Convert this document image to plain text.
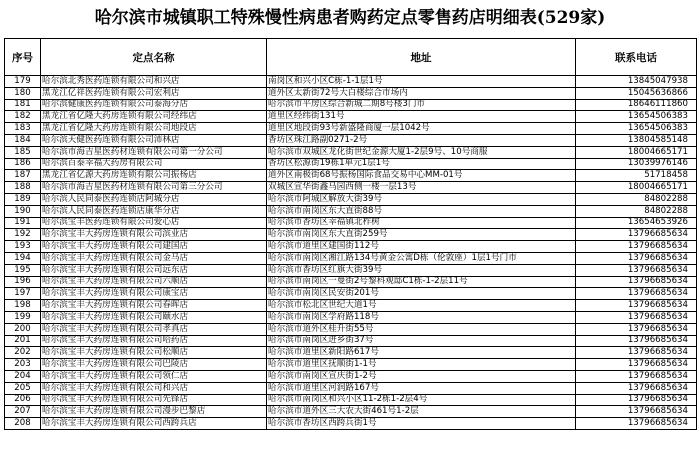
哈尔滨市城镇职工特殊慢性病患者购药定点零售药店明细表(529家)
序号	定点名称	地址	联系电话
179	哈尔滨北秀医药连锁有限公司和兴店	南岗区和兴小区C栋-1-1层1号	13845047938
180	黑龙江亿祥医药连锁有限公司宏利店	道外区太新街72号大白楼综合市场内	15045636866
181	哈尔滨健康医药连锁有限公司泰海分店	哈尔滨市平房区综合新城二期8号楼3门市	18646111860
182	黑龙江省亿隆大药房连锁有限公司经纬店	道里区经纬街131号	13654506383
183	黑龙江省亿隆大药房连锁有限公司地段店	道里区地段街93号新盛隆商厦一层1042号	13654506383
184	哈尔滨天健医药连锁有限公司沛林店	香坊区珠江路副0271-2号	13804585148
185	哈尔滨市海吉星医药材连锁有限公司第一分公司	哈尔滨市双城区龙化街世纪金源大厦1-2层9号、10号商服	18004665171
186	哈尔滨百泰幸福大药房有限公司	香坊区松源街19栋1单元1层1号	13039976146
187	黑龙江省亿源大药房连锁有限公司振杨店	道外区南极街68号振杨国际食品交易中心MM-01号	51718458
188	哈尔滨市海吉星医药材连锁有限公司第三分公司	双城区宣华街鑫马园西侧一楼一层13号	18004665171
189	哈尔滨人民同泰医药连锁店阿城分店	哈尔滨市阿城区解放大街39号	84802288
190	哈尔滨人民同泰医药连锁店康华分店	哈尔滨市南岗区东大直街88号	84802288
191	哈尔滨宝丰医药连锁有限公司爱心店	哈尔滨市香坊区幸福镇北柞树	13654653926
192	哈尔滨宝丰大药房连锁有限公司滨业店	哈尔滨市南岗区东大直街259号	13796685634
193	哈尔滨宝丰大药房连锁有限公司建国店	哈尔滨市道里区建国街112号	13796685634
194	哈尔滨宝丰大药房连锁有限公司金马店	哈尔滨市南岗区湘江路134号黄金公寓D栋（伦敦座）1层1号门市	13796685634
195	哈尔滨宝丰大药房连锁有限公司远东店	哈尔滨市香坊区红旗大街39号	13796685634
196	哈尔滨宝丰大药房连锁有限公司六顺店	哈尔滨市南岗区一曼街2号黎科观邸C1栋-1-2层11号	13796685634
197	哈尔滨宝丰大药房连锁有限公司康宝店	哈尔滨市南岗区民安街201号	13796685634
198	哈尔滨宝丰大药房连锁有限公司春晖店	哈尔滨市松北区世纪大道1号	13796685634
199	哈尔滨宝丰大药房连锁有限公司颐水店	哈尔滨市南岗区学府路118号	13796685634
200	哈尔滨宝丰大药房连锁有限公司孝真店	哈尔滨市道外区桂升街55号	13796685634
201	哈尔滨宝丰大药房连锁有限公司哈药店	哈尔滨市南岗区进乡街37号	13796685634
202	哈尔滨宝丰大药房连锁有限公司松顺店	哈尔滨市道里区新阳路617号	13796685634
203	哈尔滨宝丰大药房连锁有限公司巴陵店	哈尔滨市道里区抚顺街1-1号	13796685634
204	哈尔滨宝丰大药房连锁有限公司领仁店	哈尔滨市南岗区宣庆街1-2号	13796685634
205	哈尔滨宝丰大药房连锁有限公司和兴店	哈尔滨市道里区河润路167号	13796685634
206	哈尔滨宝丰大药房连锁有限公司先锋店	哈尔滨市南岗区和兴小区11-2栋1-2层4号	13796685634
207	哈尔滨宝丰大药房连锁有限公司漫步巴黎店	哈尔滨市道外区三大农大街461号1-2层	13796685634
208	哈尔滨宝丰大药房连锁有限公司西跨兵店	哈尔滨市香坊区西跨兵街1号	13796685634
